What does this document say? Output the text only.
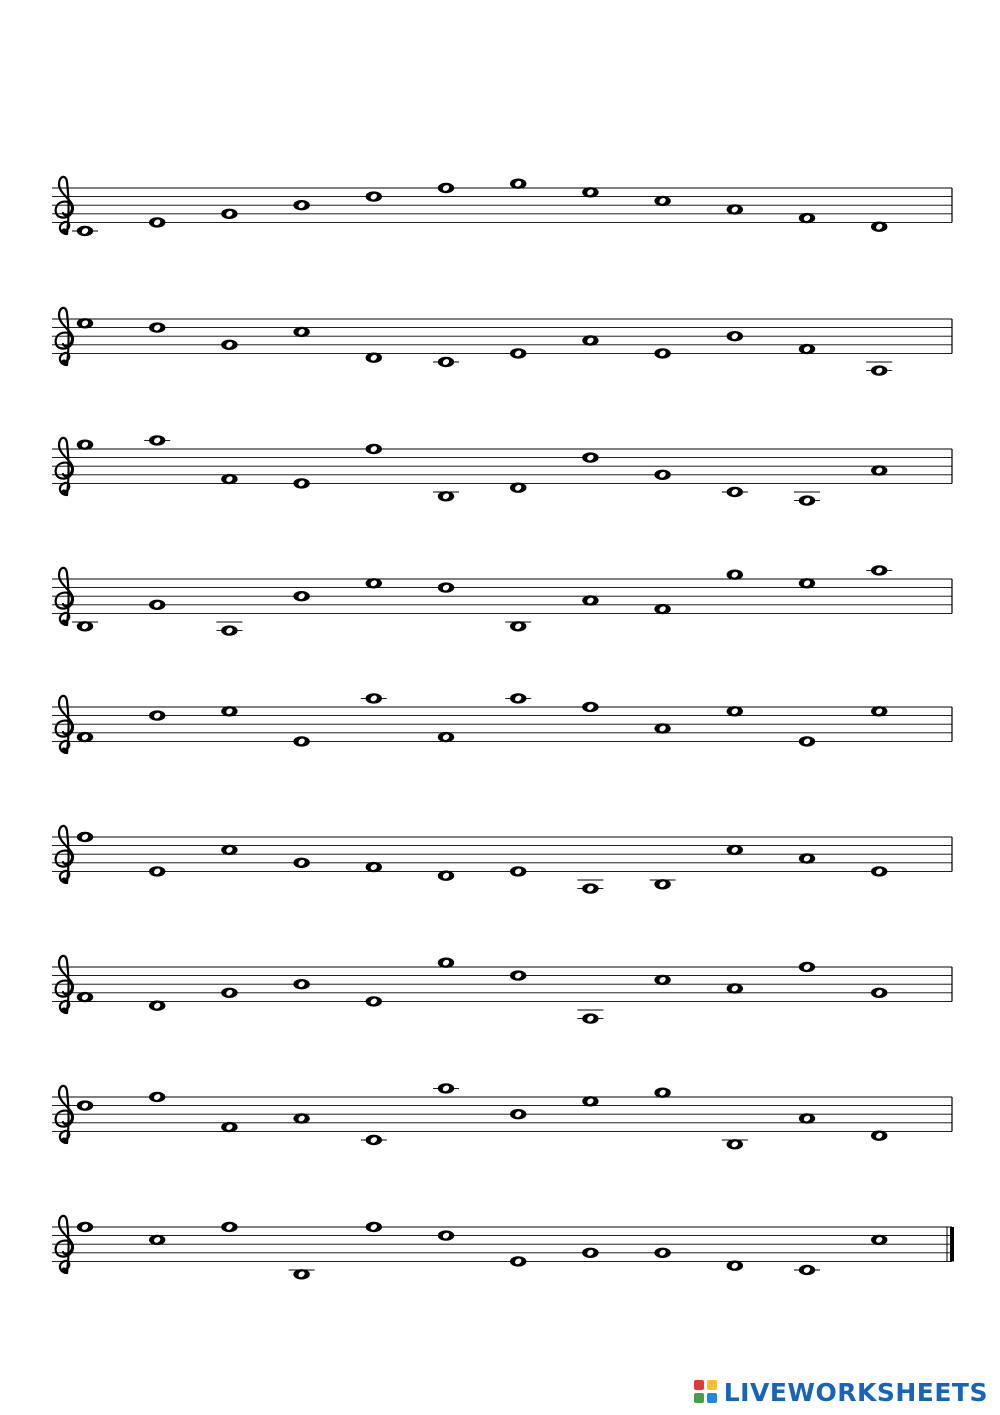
LIVEWORKSHEETS
